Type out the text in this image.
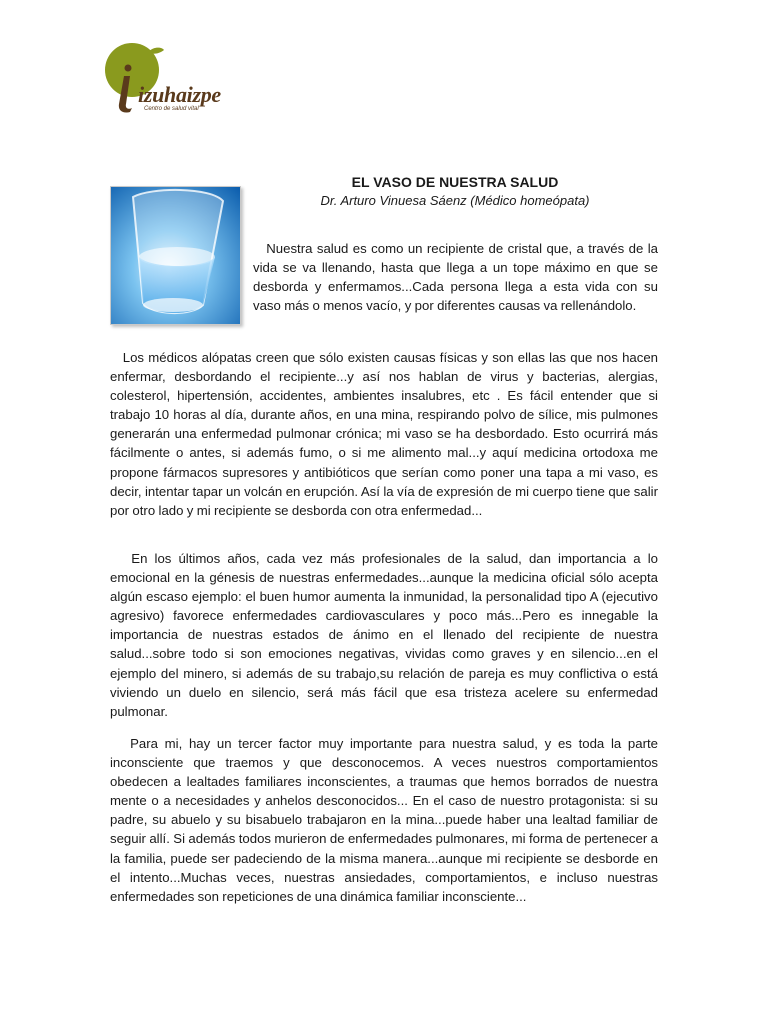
izuhaizpe
Centro de salud vital
EL VASO DE NUESTRA SALUD
Dr. Arturo Vinuesa Sáenz (Médico homeópata)

Nuestra salud es como un recipiente de cristal que, a través de la vida se va llenando, hasta que llega a un tope máximo en que se desborda y enfermamos...Cada persona llega a esta vida con su vaso más o menos vacío, y por diferentes causas va rellenándolo.

Los médicos alópatas creen que sólo existen causas físicas y son ellas las que nos hacen enfermar, desbordando el recipiente...y así nos hablan de virus y bacterias, alergias, colesterol, hipertensión, accidentes, ambientes insalubres, etc . Es fácil entender que si trabajo 10 horas al día, durante años, en una mina, respirando polvo de sílice, mis pulmones generarán una enfermedad pulmonar crónica; mi vaso se ha desbordado. Esto ocurrirá más fácilmente o antes, si además fumo, o si me alimento mal...y aquí medicina ortodoxa me propone fármacos supresores y antibióticos que serían como poner una tapa a mi vaso, es decir, intentar tapar un volcán en erupción. Así la vía de expresión de mi cuerpo tiene que salir por otro lado y mi recipiente se desborda con otra enfermedad...

En los últimos años, cada vez más profesionales de la salud, dan importancia a lo emocional en la génesis de nuestras enfermedades...aunque la medicina oficial sólo acepta algún escaso ejemplo: el buen humor aumenta la inmunidad, la personalidad tipo A (ejecutivo agresivo) favorece enfermedades cardiovasculares y poco más...Pero es innegable la importancia de nuestras estados de ánimo en el llenado del recipiente de nuestra salud...sobre todo si son emociones negativas, vividas como graves y en silencio...en el ejemplo del minero, si además de su trabajo,su relación de pareja es muy conflictiva o está viviendo un duelo en silencio, será más fácil que esa tristeza acelere su enfermedad pulmonar.

Para mi, hay un tercer factor muy importante para nuestra salud, y es toda la parte inconsciente que traemos y que desconocemos. A veces nuestros comportamientos obedecen a lealtades familiares inconscientes, a traumas que hemos borrados de nuestra mente o a necesidades y anhelos desconocidos... En el caso de nuestro protagonista: si su padre, su abuelo y su bisabuelo trabajaron en la mina...puede haber una lealtad familiar de seguir allí. Si además todos murieron de enfermedades pulmonares, mi forma de pertenecer a la familia, puede ser padeciendo de la misma manera...aunque mi recipiente se desborde en el intento...Muchas veces, nuestras ansiedades, comportamientos, e incluso nuestras enfermedades son repeticiones de una dinámica familiar inconsciente...
